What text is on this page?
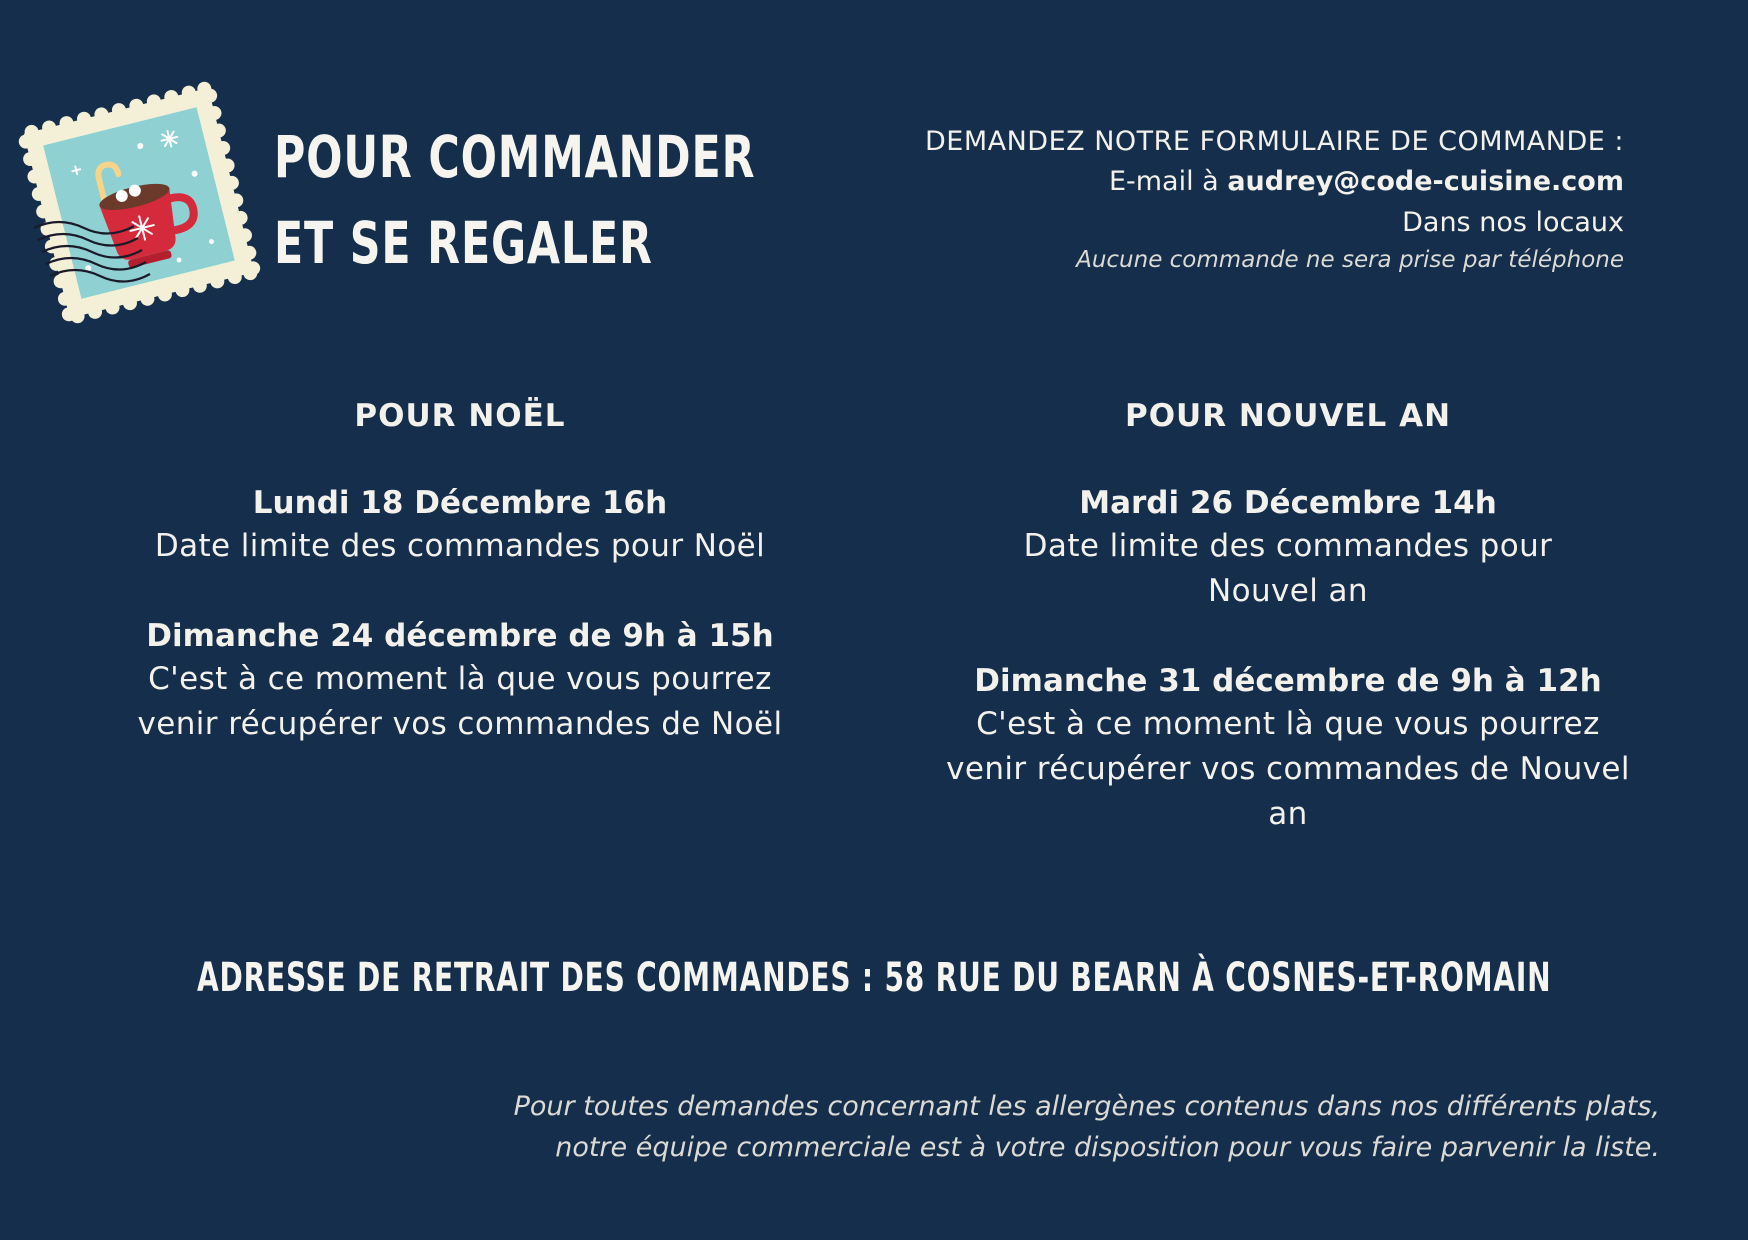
POUR COMMANDER
ET SE REGALER
DEMANDEZ NOTRE FORMULAIRE DE COMMANDE :
E-mail à audrey@code-cuisine.com
Dans nos locaux
Aucune commande ne sera prise par téléphone
POUR NOËL
Lundi 18 Décembre 16h
Date limite des commandes pour Noël
Dimanche 24 décembre de 9h à 15h
C'est à ce moment là que vous pourrez venir récupérer vos commandes de Noël
POUR NOUVEL AN
Mardi 26 Décembre 14h
Date limite des commandes pour Nouvel an
Dimanche 31 décembre de 9h à 12h
C'est à ce moment là que vous pourrez venir récupérer vos commandes de Nouvel an
ADRESSE DE RETRAIT DES COMMANDES : 58 RUE DU BEARN À COSNES-ET-ROMAIN
Pour toutes demandes concernant les allergènes contenus dans nos différents plats,
notre équipe commerciale est à votre disposition pour vous faire parvenir la liste.
